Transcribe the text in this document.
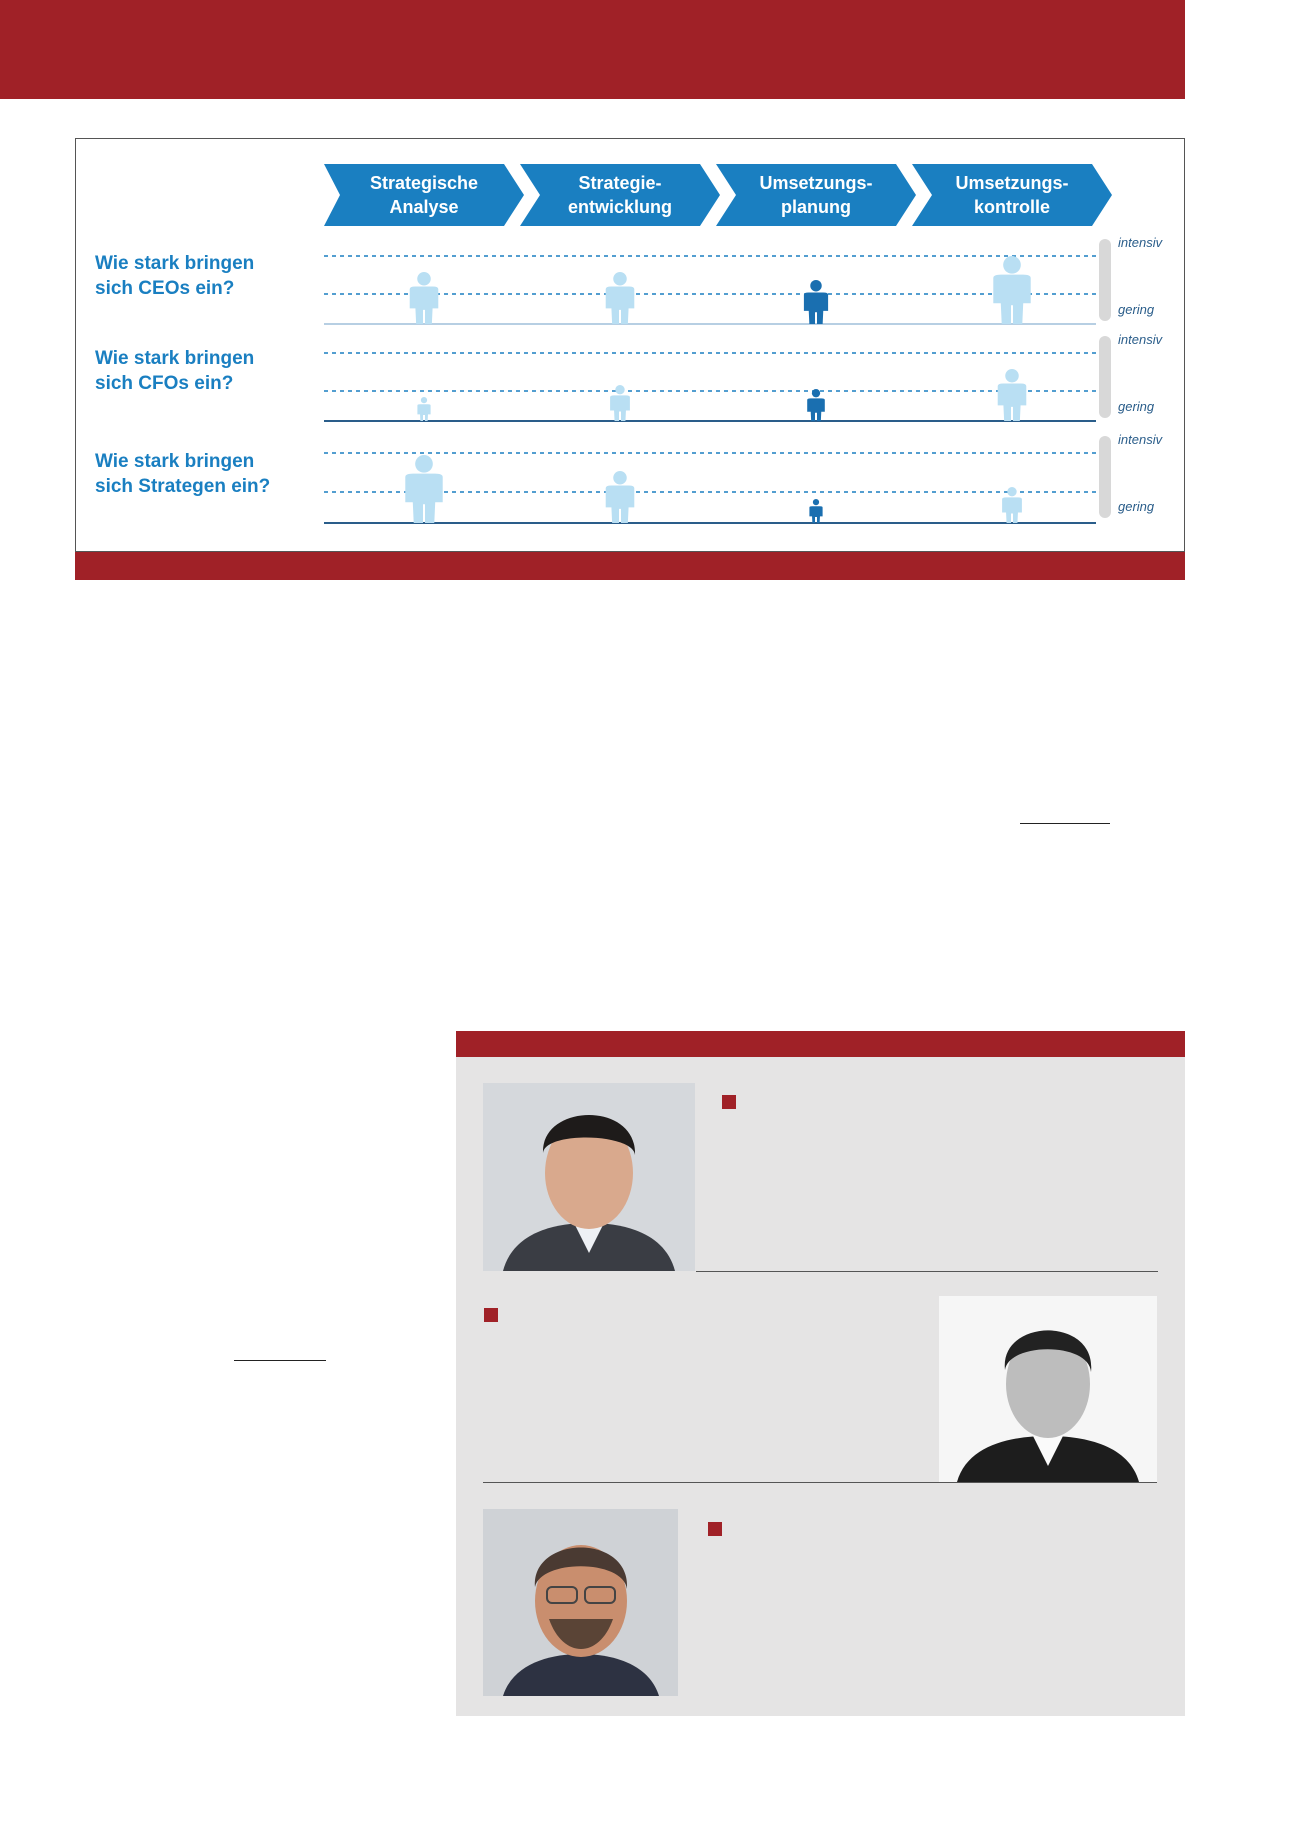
Strategische
Analyse
Strategie-
entwicklung
Umsetzungs-
planung
Umsetzungs-
kontrolle
Wie stark bringen
sich CEOs ein?
Wie stark bringen
sich CFOs ein?
Wie stark bringen
sich Strategen ein?
intensiv
gering
intensiv
gering
intensiv
gering
